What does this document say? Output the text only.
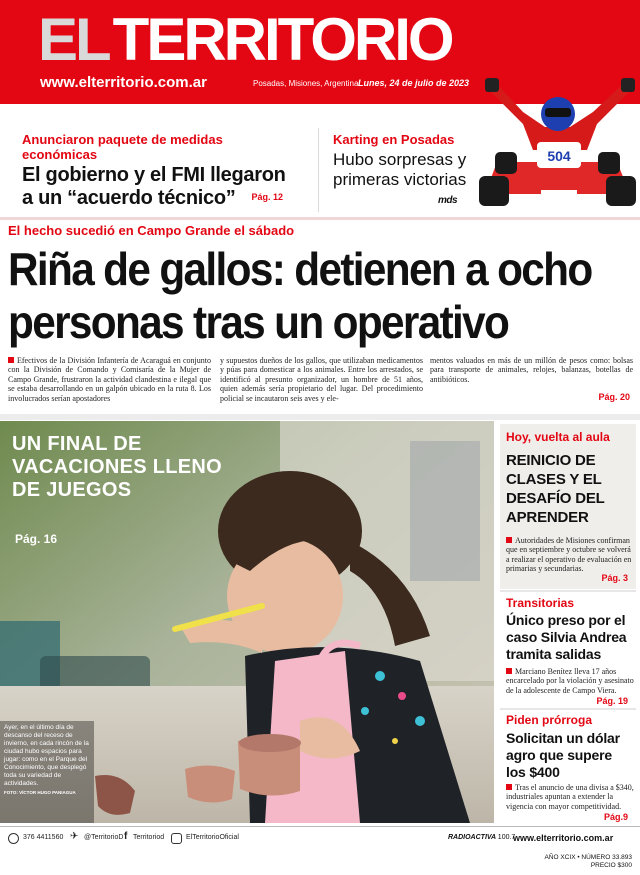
ELTERRITORIO
www.elterritorio.com.ar	Posadas, Misiones, Argentina Lunes, 24 de julio de 2023
504
Anunciaron paquete de medidas económicas
El gobierno y el FMI llegaron a un “acuerdo técnico”	Pág. 12
Karting en Posadas
Hubo sorpresas y primeras victorias
mds
El hecho sucedió en Campo Grande el sábado
Riña de gallos: detienen a ocho
personas tras un operativo

Efectivos de la División Infantería de Acaraguá en conjunto con la División de Comando y Comisaría de la Mujer de Campo Grande, frustraron la actividad clandestina e ilegal que se estaba desarrollando en un galpón ubicado en la ruta 8. Los involucrados serían apostadores

y supuestos dueños de los gallos, que utilizaban medicamentos y púas para domesticar a los animales. Entre los arrestados, se identificó al presunto organizador, un hombre de 51 años, quien además sería propietario del lugar. Del procedimiento policial se incautaron seis aves y ele-

mentos valuados en más de un millón de pesos como: bolsas para transporte de animales, relojes, balanzas, botellas de antibióticos.

Pág. 20
UN FINAL DE VACACIONES LLENO DE JUEGOS
Pág. 16
Ayer, en el último día de descanso del receso de invierno, en cada rincón de la ciudad hubo espacios para jugar: como en el Parque del Conocimiento, que desplegó toda su variedad de actividades.
FOTO: VÍCTOR HUGO PANIAGUA
Hoy, vuelta al aula
REINICIO DE CLASES Y EL DESAFÍO DEL APRENDER
Autoridades de Misiones confirman que en septiembre y octubre se volverá a realizar el operativo de evaluación en primarias y secundarias.
Pág. 3
Transitorias
Único preso por el caso Silvia Andrea tramita salidas
Marciano Benítez lleva 17 años encarcelado por la violación y asesinato de la adolescente de Campo Viera.
Pág. 19
Piden prórroga
Solicitan un dólar agro que supere los $400
Tras el anuncio de una divisa a $340, industriales apuntan a extender la vigencia con mayor competitividad.
Pág.9
376 4411560 ✈ @TerritorioD f Territoriod	ElTerritorioOficial	RADIOACTIVA 100.7
www.elterritorio.com.ar
AÑO XCIX • NÚMERO 33.893
PRECIO $300
